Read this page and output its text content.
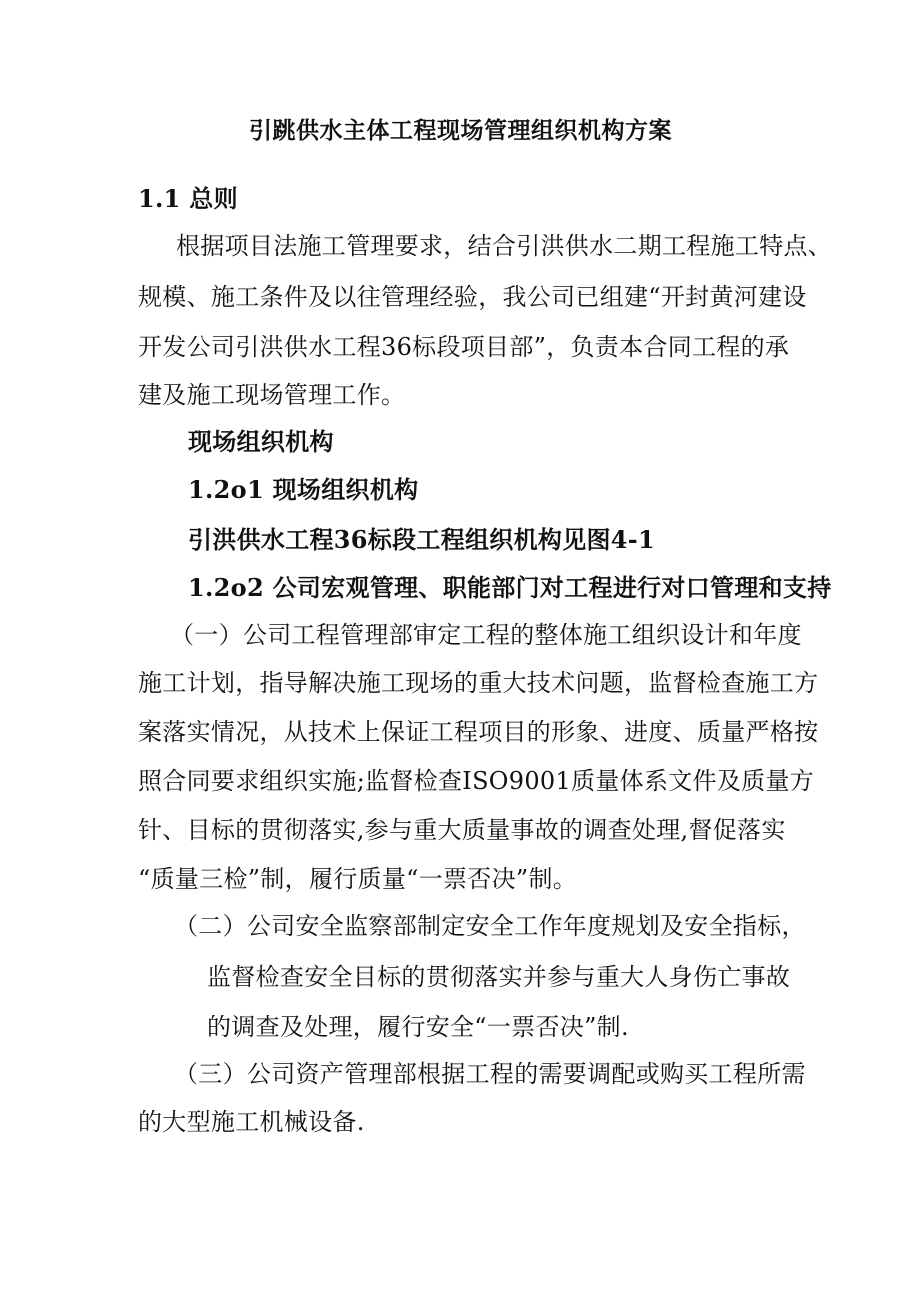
引跳供水主体工程现场管理组织机构方案
1.1 总则
根据项目法施工管理要求，结合引洪供水二期工程施工特点、
规模、施工条件及以往管理经验，我公司已组建“开封黄河建设
开发公司引洪供水工程36标段项目部”，负责本合同工程的承
建及施工现场管理工作。
现场组织机构
1.2o1 现场组织机构
引洪供水工程36标段工程组织机构见图4-1
1.2o2 公司宏观管理、职能部门对工程进行对口管理和支持
（一）公司工程管理部审定工程的整体施工组织设计和年度
施工计划，指导解决施工现场的重大技术问题，监督检查施工方
案落实情况，从技术上保证工程项目的形象、进度、质量严格按
照合同要求组织实施;监督检查ISO9001质量体系文件及质量方
针、目标的贯彻落实,参与重大质量事故的调查处理,督促落实
“质量三检”制，履行质量“一票否决”制。
（二）公司安全监察部制定安全工作年度规划及安全指标，
监督检查安全目标的贯彻落实并参与重大人身伤亡事故
的调查及处理，履行安全“一票否决”制.
（三）公司资产管理部根据工程的需要调配或购买工程所需
的大型施工机械设备.
